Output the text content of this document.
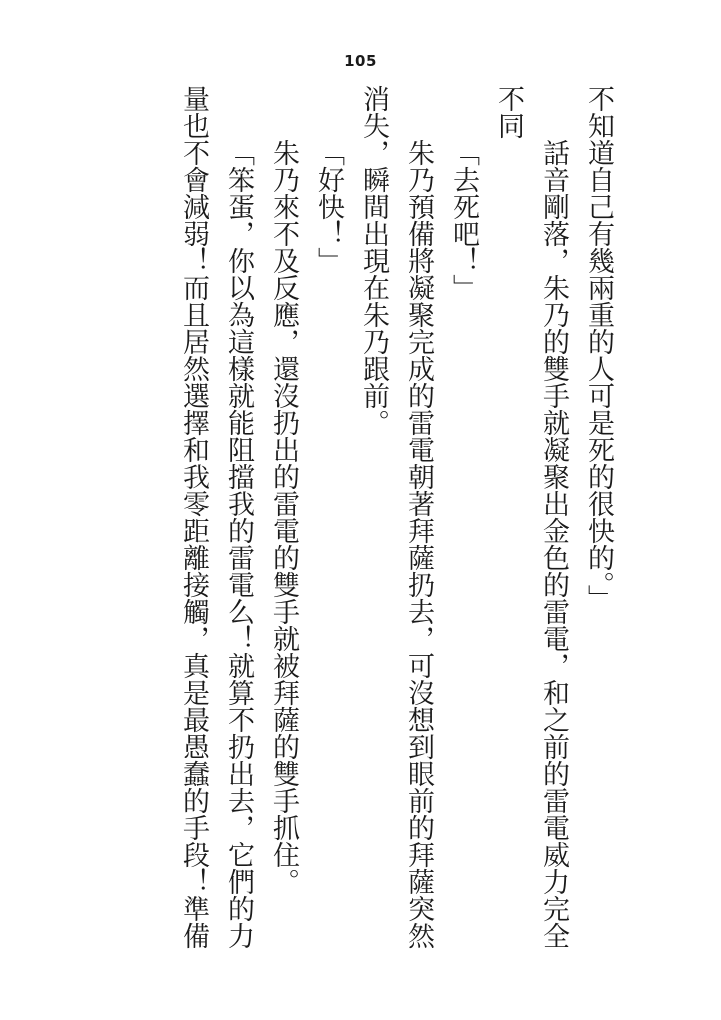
105

不知道自己有幾兩重的人可是死的很快的。」

話音剛落，朱乃的雙手就凝聚出金色的雷電，和之前的雷電威力完全不同

「去死吧！」

朱乃預備將凝聚完成的雷電朝著拜薩扔去，可沒想到眼前的拜薩突然消失，瞬間出現在朱乃跟前。

「好快！」

朱乃來不及反應，還沒扔出的雷電的雙手就被拜薩的雙手抓住。

「笨蛋，你以為這樣就能阻擋我的雷電么！就算不扔出去，它們的力量也不會減弱！而且居然選擇和我零距離接觸，真是最愚蠢的手段！準備
